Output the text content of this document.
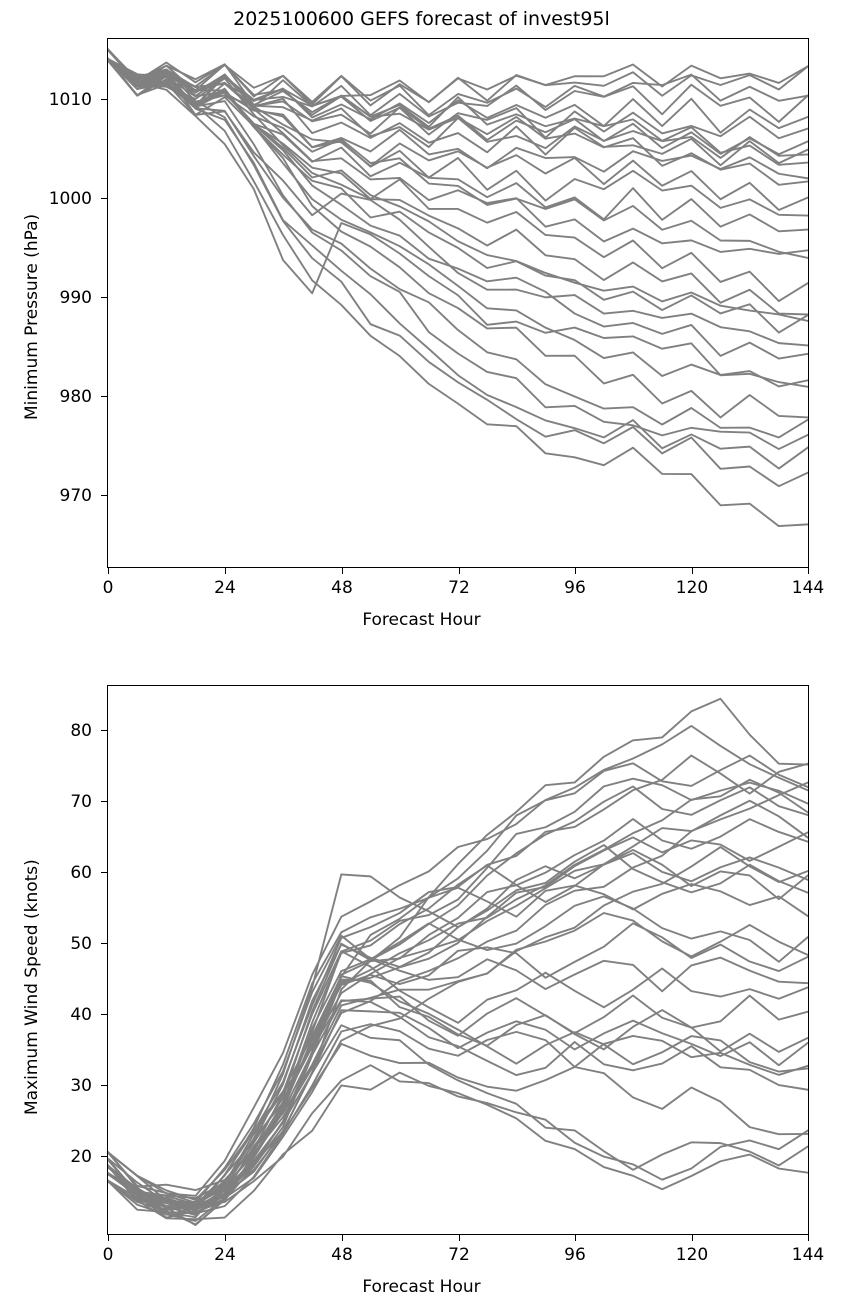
2025100600 GEFS forecast of invest95l
Minimum Pressure (hPa)
Forecast Hour
1010
1000
990
980
970
0	24	48	72	96	120	144
Maximum Wind Speed (knots)
Forecast Hour
80
70
60
50
40
30
20
0	24	48	72	96	120	144
